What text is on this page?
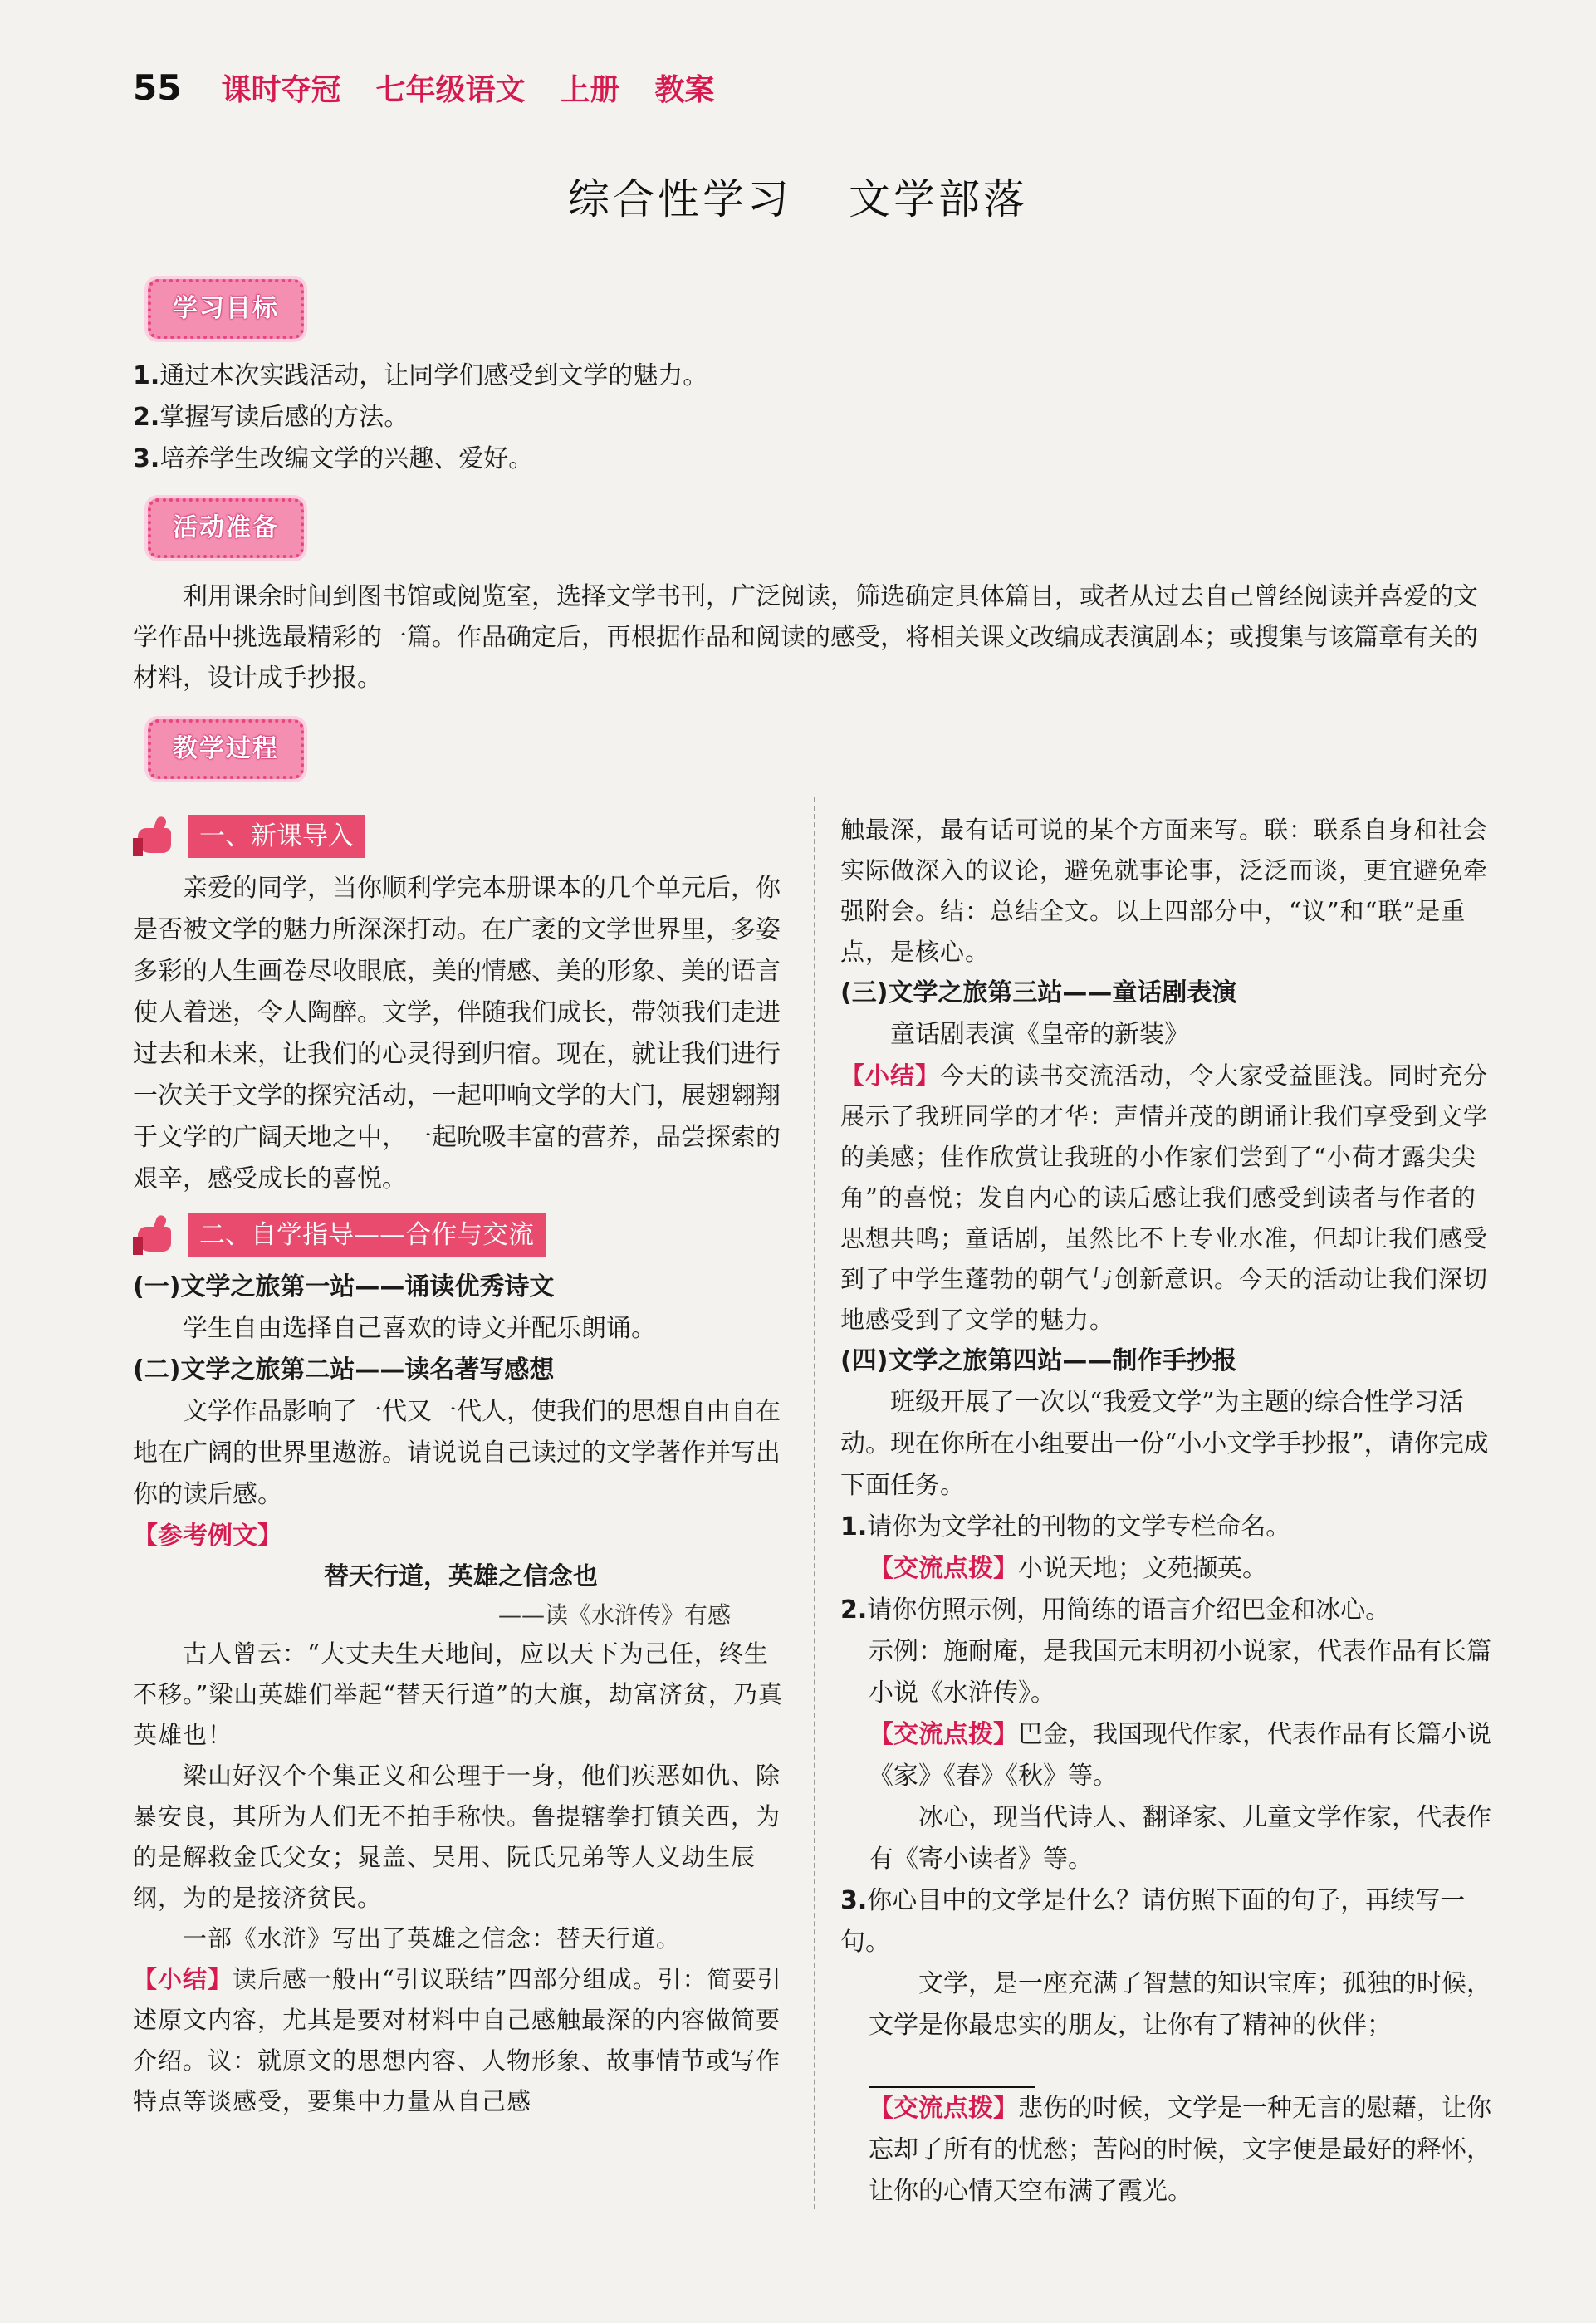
55 课时夺冠 七年级语文 上册 教案
综合性学习 文学部落
学习目标
1.通过本次实践活动，让同学们感受到文学的魅力。
2.掌握写读后感的方法。
3.培养学生改编文学的兴趣、爱好。
活动准备
利用课余时间到图书馆或阅览室，选择文学书刊，广泛阅读，筛选确定具体篇目，或者从过去自己曾经阅读并喜爱的文学作品中挑选最精彩的一篇。作品确定后，再根据作品和阅读的感受，将相关课文改编成表演剧本；或搜集与该篇章有关的材料，设计成手抄报。
教学过程
一、新课导入
亲爱的同学，当你顺利学完本册课本的几个单元后，你是否被文学的魅力所深深打动。在广袤的文学世界里，多姿多彩的人生画卷尽收眼底，美的情感、美的形象、美的语言使人着迷，令人陶醉。文学，伴随我们成长，带领我们走进过去和未来，让我们的心灵得到归宿。现在，就让我们进行一次关于文学的探究活动，一起叩响文学的大门，展翅翱翔于文学的广阔天地之中，一起吮吸丰富的营养，品尝探索的艰辛，感受成长的喜悦。
二、自学指导——合作与交流
(一)文学之旅第一站——诵读优秀诗文
学生自由选择自己喜欢的诗文并配乐朗诵。
(二)文学之旅第二站——读名著写感想
文学作品影响了一代又一代人，使我们的思想自由自在地在广阔的世界里遨游。请说说自己读过的文学著作并写出你的读后感。
【参考例文】
替天行道，英雄之信念也
——读《水浒传》有感
古人曾云：“大丈夫生天地间，应以天下为己任，终生不移。”梁山英雄们举起“替天行道”的大旗，劫富济贫，乃真英雄也！
梁山好汉个个集正义和公理于一身，他们疾恶如仇、除暴安良，其所为人们无不拍手称快。鲁提辖拳打镇关西，为的是解救金氏父女；晁盖、吴用、阮氏兄弟等人义劫生辰纲，为的是接济贫民。
一部《水浒》写出了英雄之信念：替天行道。
【小结】读后感一般由“引议联结”四部分组成。引：简要引述原文内容，尤其是要对材料中自己感触最深的内容做简要介绍。议：就原文的思想内容、人物形象、故事情节或写作特点等谈感受，要集中力量从自己感
触最深，最有话可说的某个方面来写。联：联系自身和社会实际做深入的议论，避免就事论事，泛泛而谈，更宜避免牵强附会。结：总结全文。以上四部分中，“议”和“联”是重点，是核心。
(三)文学之旅第三站——童话剧表演
童话剧表演《皇帝的新装》
【小结】今天的读书交流活动，令大家受益匪浅。同时充分展示了我班同学的才华：声情并茂的朗诵让我们享受到文学的美感；佳作欣赏让我班的小作家们尝到了“小荷才露尖尖角”的喜悦；发自内心的读后感让我们感受到读者与作者的思想共鸣；童话剧，虽然比不上专业水准，但却让我们感受到了中学生蓬勃的朝气与创新意识。今天的活动让我们深切地感受到了文学的魅力。
(四)文学之旅第四站——制作手抄报
班级开展了一次以“我爱文学”为主题的综合性学习活动。现在你所在小组要出一份“小小文学手抄报”，请你完成下面任务。
1.请你为文学社的刊物的文学专栏命名。
【交流点拨】小说天地；文苑撷英。
2.请你仿照示例，用简练的语言介绍巴金和冰心。
示例：施耐庵，是我国元末明初小说家，代表作品有长篇小说《水浒传》。
【交流点拨】巴金，我国现代作家，代表作品有长篇小说《家》《春》《秋》等。
冰心，现当代诗人、翻译家、儿童文学作家，代表作有《寄小读者》等。
3.你心目中的文学是什么？请仿照下面的句子，再续写一句。
文学，是一座充满了智慧的知识宝库；孤独的时候，文学是你最忠实的朋友，让你有了精神的伙伴；
【交流点拨】悲伤的时候，文学是一种无言的慰藉，让你忘却了所有的忧愁；苦闷的时候，文字便是最好的释怀，让你的心情天空布满了霞光。
